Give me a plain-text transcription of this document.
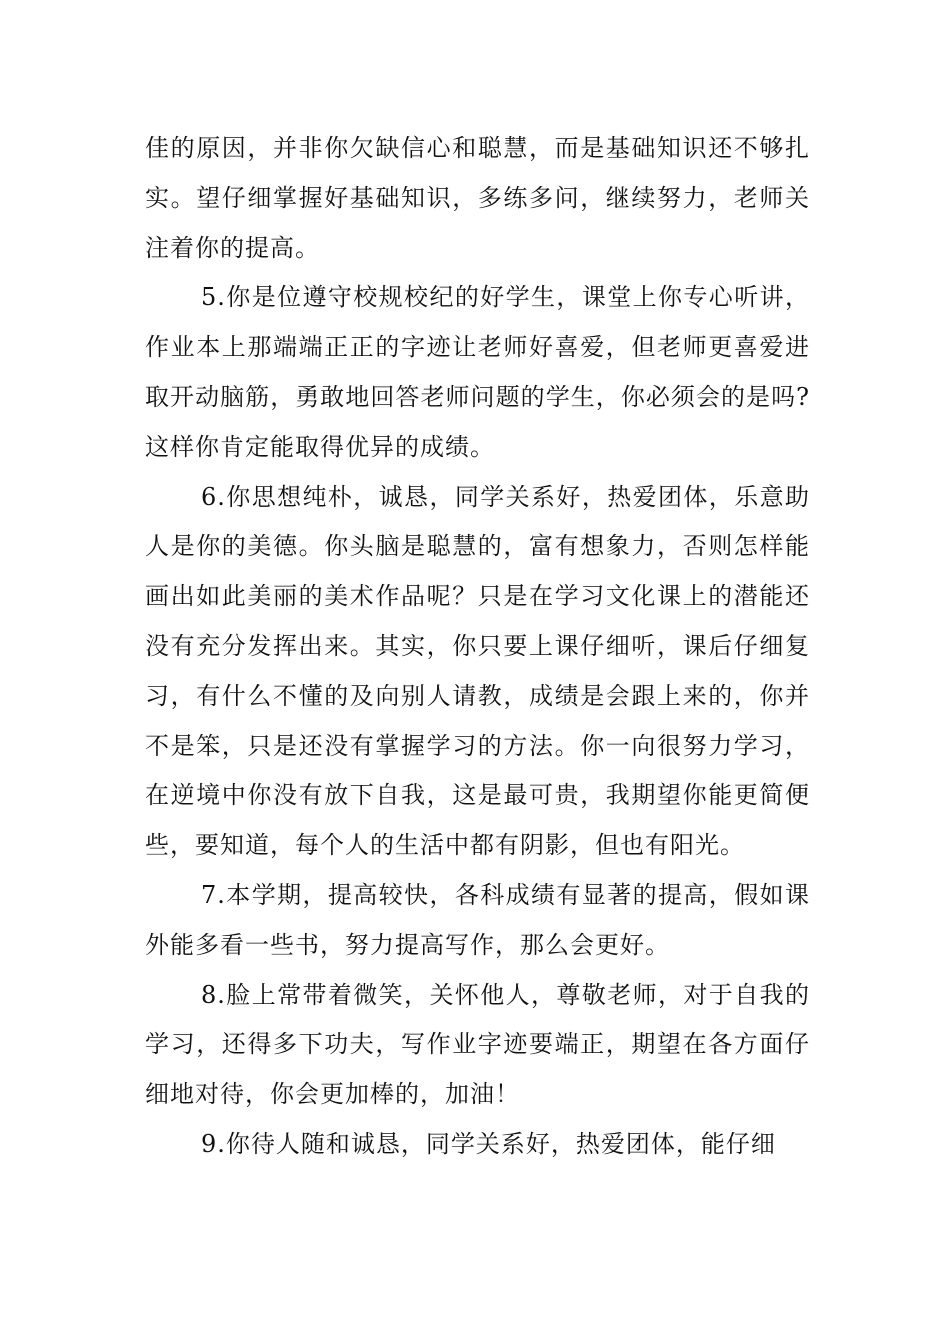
佳的原因，并非你欠缺信心和聪慧，而是基础知识还不够扎实。望仔细掌握好基础知识，多练多问，继续努力，老师关注着你的提高。

5.你是位遵守校规校纪的好学生，课堂上你专心听讲，作业本上那端端正正的字迹让老师好喜爱，但老师更喜爱进取开动脑筋，勇敢地回答老师问题的学生，你必须会的是吗?这样你肯定能取得优异的成绩。

6.你思想纯朴，诚恳，同学关系好，热爱团体，乐意助人是你的美德。你头脑是聪慧的，富有想象力，否则怎样能画出如此美丽的美术作品呢？只是在学习文化课上的潜能还没有充分发挥出来。其实，你只要上课仔细听，课后仔细复习，有什么不懂的及向别人请教，成绩是会跟上来的，你并不是笨，只是还没有掌握学习的方法。你一向很努力学习，在逆境中你没有放下自我，这是最可贵，我期望你能更简便些，要知道，每个人的生活中都有阴影，但也有阳光。

7.本学期，提高较快，各科成绩有显著的提高，假如课外能多看一些书，努力提高写作，那么会更好。

8.脸上常带着微笑，关怀他人，尊敬老师，对于自我的学习，还得多下功夫，写作业字迹要端正，期望在各方面仔细地对待，你会更加棒的，加油！

9.你待人随和诚恳，同学关系好，热爱团体，能仔细
